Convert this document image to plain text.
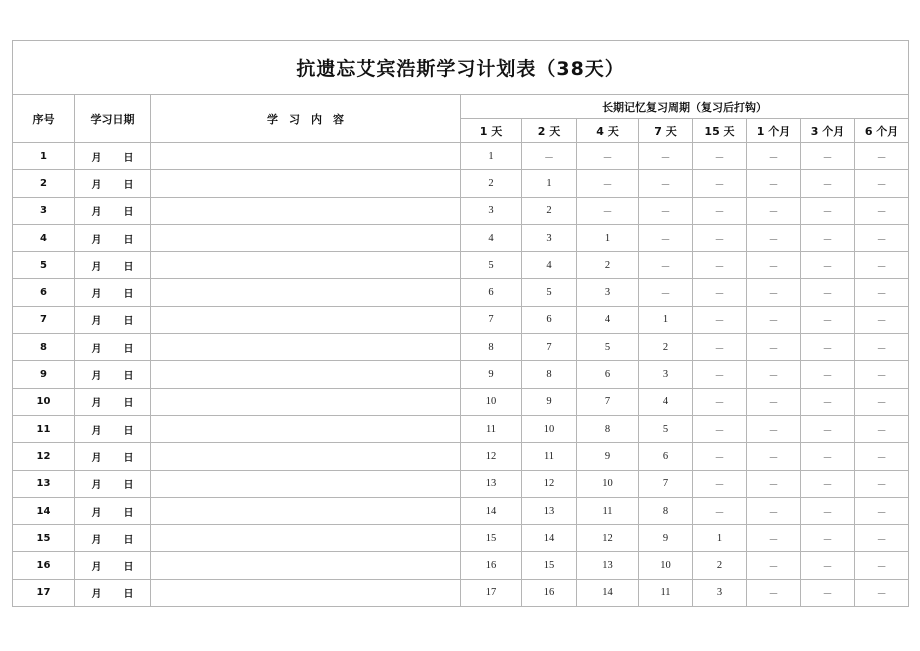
抗遗忘艾宾浩斯学习计划表（38天）										
序号	学习日期	学　习　内　容	长期记忆复习周期（复习后打钩）							
			1 天	2 天	4 天	7 天	15 天	1 个月	3 个月	6 个月
1	月 日		1	－	－	－	－	－	－	－
2	月 日		2	1	－	－	－	－	－	－
3	月 日		3	2	－	－	－	－	－	－
4	月 日		4	3	1	－	－	－	－	－
5	月 日		5	4	2	－	－	－	－	－
6	月 日		6	5	3	－	－	－	－	－
7	月 日		7	6	4	1	－	－	－	－
8	月 日		8	7	5	2	－	－	－	－
9	月 日		9	8	6	3	－	－	－	－
10	月 日		10	9	7	4	－	－	－	－
11	月 日		11	10	8	5	－	－	－	－
12	月 日		12	11	9	6	－	－	－	－
13	月 日		13	12	10	7	－	－	－	－
14	月 日		14	13	11	8	－	－	－	－
15	月 日		15	14	12	9	1	－	－	－
16	月 日		16	15	13	10	2	－	－	－
17	月 日		17	16	14	11	3	－	－	－
